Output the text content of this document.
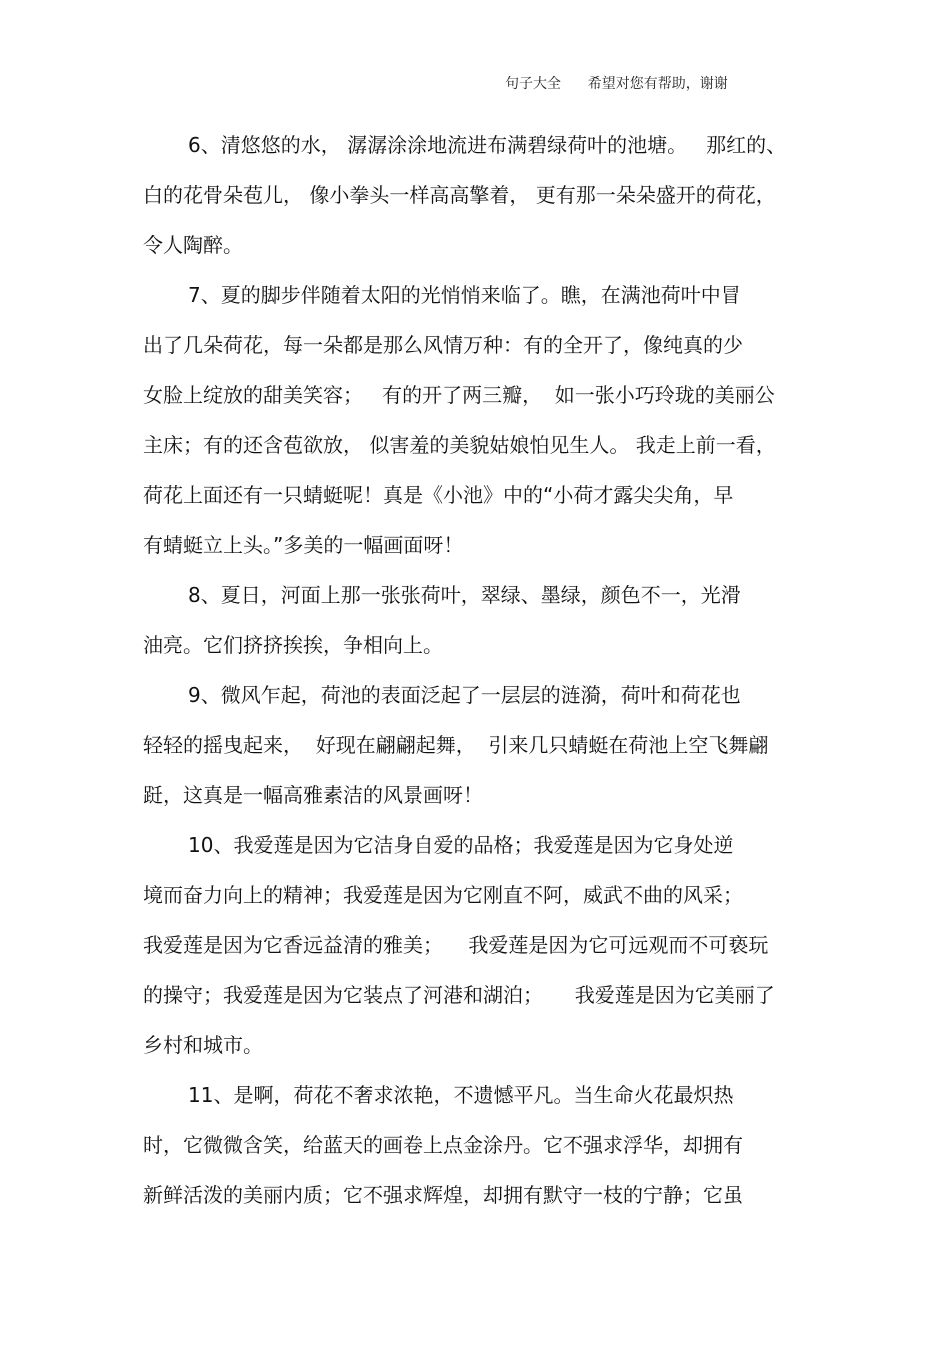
句子大全      希望对您有帮助，谢谢
6、清悠悠的水， 潺潺涂涂地流进布满碧绿荷叶的池塘。   那红的、
白的花骨朵苞儿， 像小拳头一样高高擎着， 更有那一朵朵盛开的荷花，
令人陶醉。
7、夏的脚步伴随着太阳的光悄悄来临了。瞧，在满池荷叶中冒
出了几朵荷花，每一朵都是那么风情万种：有的全开了，像纯真的少
女脸上绽放的甜美笑容；   有的开了两三瓣，  如一张小巧玲珑的美丽公
主床；有的还含苞欲放， 似害羞的美貌姑娘怕见生人。 我走上前一看，
荷花上面还有一只蜻蜓呢！真是《小池》中的“小荷才露尖尖角，早
有蜻蜓立上头。”多美的一幅画面呀！
8、夏日，河面上那一张张荷叶，翠绿、墨绿，颜色不一，光滑
油亮。它们挤挤挨挨，争相向上。
9、微风乍起，荷池的表面泛起了一层层的涟漪，荷叶和荷花也
轻轻的摇曳起来，  好现在翩翩起舞，  引来几只蜻蜓在荷池上空飞舞翩
跹，这真是一幅高雅素洁的风景画呀！
10、我爱莲是因为它洁身自爱的品格；我爱莲是因为它身处逆
境而奋力向上的精神；我爱莲是因为它刚直不阿，威武不曲的风采；
我爱莲是因为它香远益清的雅美；    我爱莲是因为它可远观而不可亵玩
的操守；我爱莲是因为它装点了河港和湖泊；     我爱莲是因为它美丽了
乡村和城市。
11、是啊，荷花不奢求浓艳，不遗憾平凡。当生命火花最炽热
时，它微微含笑，给蓝天的画卷上点金涂丹。它不强求浮华，却拥有
新鲜活泼的美丽内质；它不强求辉煌，却拥有默守一枝的宁静；它虽
